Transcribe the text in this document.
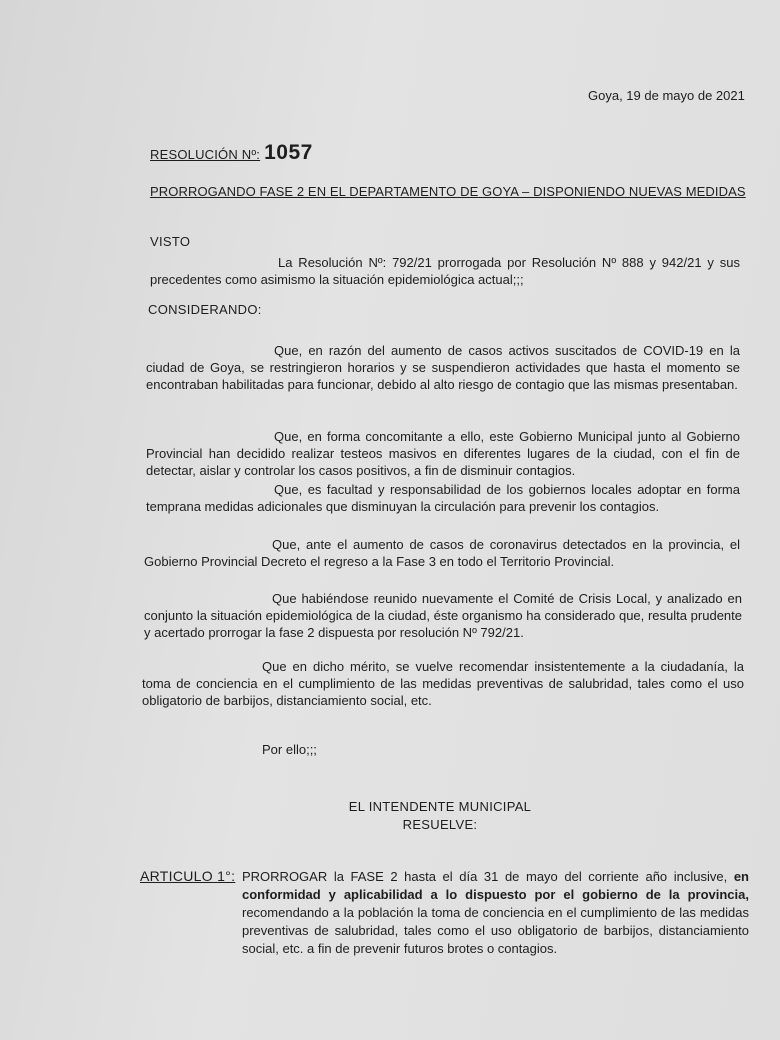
Goya, 19 de mayo de 2021
RESOLUCIÓN Nº: 1057
PRORROGANDO FASE 2 EN EL DEPARTAMENTO DE GOYA – DISPONIENDO NUEVAS MEDIDAS
VISTO
La Resolución Nº: 792/21 prorrogada por Resolución Nº 888 y 942/21 y sus precedentes como asimismo la situación epidemiológica actual;;;
CONSIDERANDO:
Que, en razón del aumento de casos activos suscitados de COVID-19 en la ciudad de Goya, se restringieron horarios y se suspendieron actividades que hasta el momento se encontraban habilitadas para funcionar, debido al alto riesgo de contagio que las mismas presentaban.
Que, en forma concomitante a ello, este Gobierno Municipal junto al Gobierno Provincial han decidido realizar testeos masivos en diferentes lugares de la ciudad, con el fin de detectar, aislar y controlar los casos positivos, a fin de disminuir contagios.
Que, es facultad y responsabilidad de los gobiernos locales adoptar en forma temprana medidas adicionales que disminuyan la circulación para prevenir los contagios.
Que, ante el aumento de casos de coronavirus detectados en la provincia, el Gobierno Provincial Decreto el regreso a la Fase 3 en todo el Territorio Provincial.
Que habiéndose reunido nuevamente el Comité de Crisis Local, y analizado en conjunto la situación epidemiológica de la ciudad, éste organismo ha considerado que, resulta prudente y acertado prorrogar la fase 2 dispuesta por resolución Nº 792/21.
Que en dicho mérito, se vuelve recomendar insistentemente a la ciudadanía, la toma de conciencia en el cumplimiento de las medidas preventivas de salubridad, tales como el uso obligatorio de barbijos, distanciamiento social, etc.
Por ello;;;
EL INTENDENTE MUNICIPAL
RESUELVE:
ARTICULO 1°: PRORROGAR la FASE 2 hasta el día 31 de mayo del corriente año inclusive, en conformidad y aplicabilidad a lo dispuesto por el gobierno de la provincia, recomendando a la población la toma de conciencia en el cumplimiento de las medidas preventivas de salubridad, tales como el uso obligatorio de barbijos, distanciamiento social, etc. a fin de prevenir futuros brotes o contagios.
